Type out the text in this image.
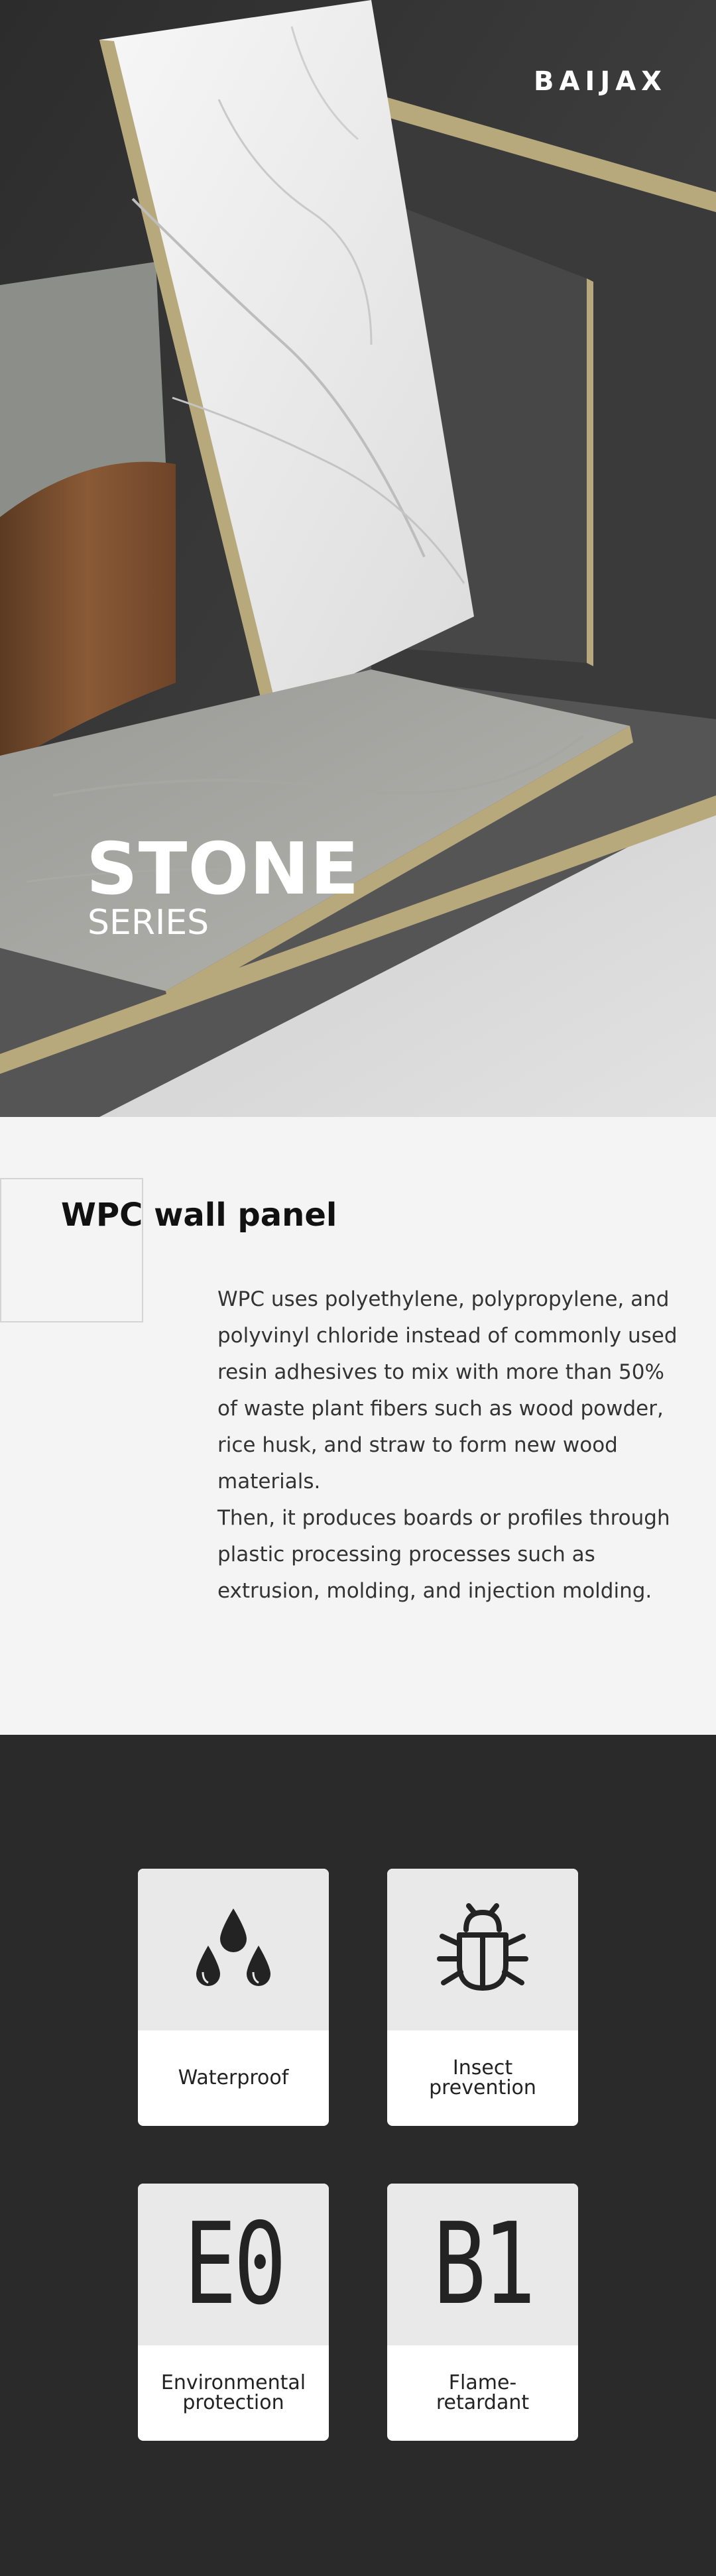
BAIJAX
STONE
SERIES
WPC wall panel

WPC uses polyethylene, polypropylene, and polyvinyl chloride instead of commonly used resin adhesives to mix with more than 50% of waste plant fibers such as wood powder, rice husk, and straw to form new wood materials.

Then, it produces boards or profiles through plastic processing processes such as extrusion, molding, and injection molding.

Waterproof	Insect
prevention
E0
Environmental
protection
B1
Flame-
retardant
